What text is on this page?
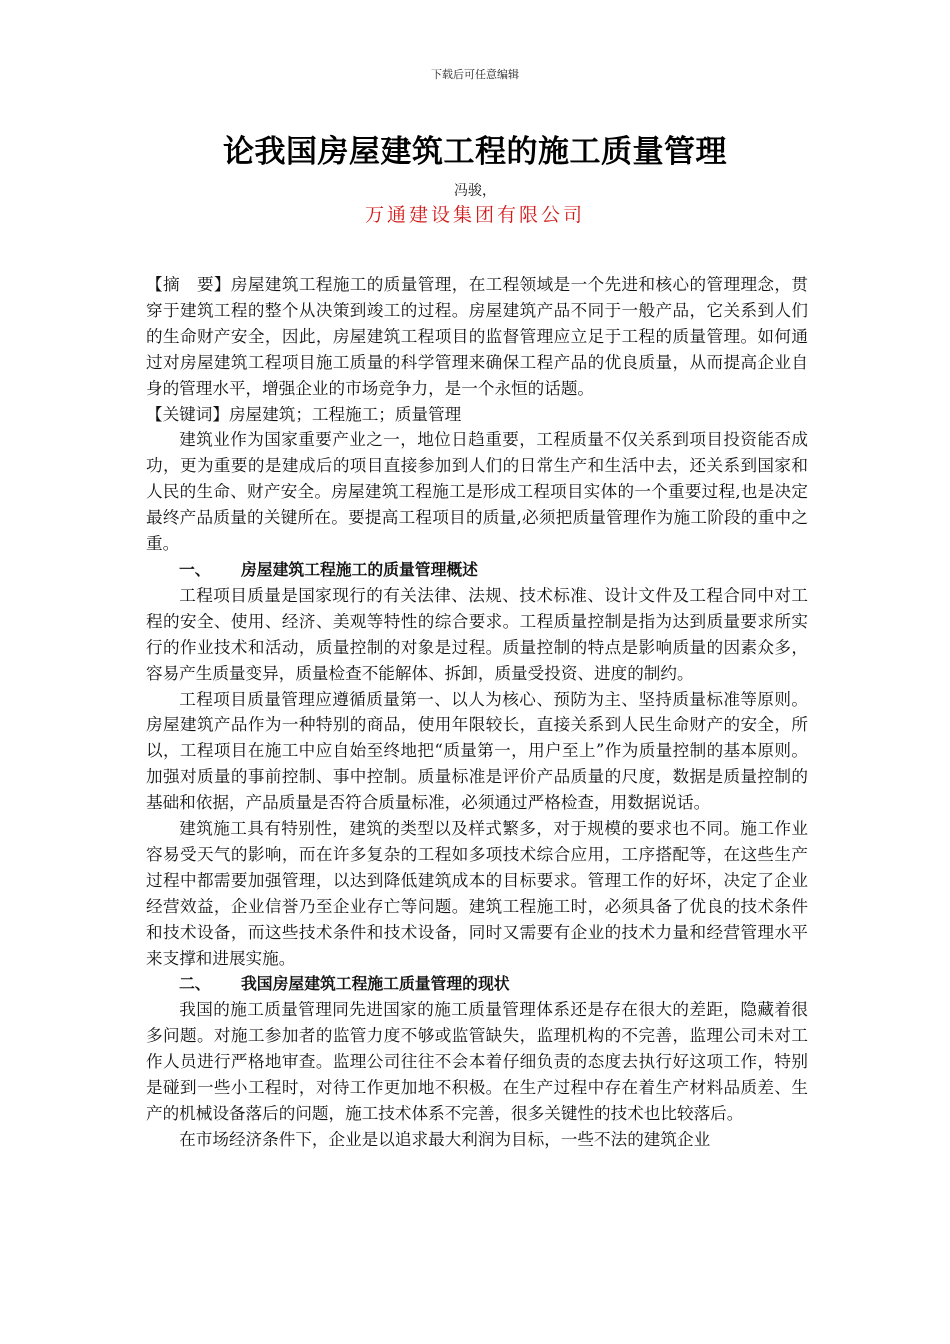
下载后可任意编辑
论我国房屋建筑工程的施工质量管理
冯骏，
万通建设集团有限公司

【摘　要】房屋建筑工程施工的质量管理，在工程领域是一个先进和核心的管理理念，贯穿于建筑工程的整个从决策到竣工的过程。房屋建筑产品不同于一般产品，它关系到人们的生命财产安全，因此，房屋建筑工程项目的监督管理应立足于工程的质量管理。如何通过对房屋建筑工程项目施工质量的科学管理来确保工程产品的优良质量，从而提高企业自身的管理水平，增强企业的市场竞争力，是一个永恒的话题。

【关键词】房屋建筑；工程施工；质量管理

建筑业作为国家重要产业之一，地位日趋重要，工程质量不仅关系到项目投资能否成功，更为重要的是建成后的项目直接参加到人们的日常生产和生活中去，还关系到国家和人民的生命、财产安全。房屋建筑工程施工是形成工程项目实体的一个重要过程,也是决定最终产品质量的关键所在。要提高工程项目的质量,必须把质量管理作为施工阶段的重中之重。

一、 房屋建筑工程施工的质量管理概述

工程项目质量是国家现行的有关法律、法规、技术标准、设计文件及工程合同中对工程的安全、使用、经济、美观等特性的综合要求。工程质量控制是指为达到质量要求所实行的作业技术和活动，质量控制的对象是过程。质量控制的特点是影响质量的因素众多，容易产生质量变异，质量检查不能解体、拆卸，质量受投资、进度的制约。

工程项目质量管理应遵循质量第一、以人为核心、预防为主、坚持质量标准等原则。房屋建筑产品作为一种特别的商品，使用年限较长，直接关系到人民生命财产的安全，所以，工程项目在施工中应自始至终地把“质量第一，用户至上”作为质量控制的基本原则。加强对质量的事前控制、事中控制。质量标准是评价产品质量的尺度，数据是质量控制的基础和依据，产品质量是否符合质量标准，必须通过严格检查，用数据说话。

建筑施工具有特别性，建筑的类型以及样式繁多，对于规模的要求也不同。施工作业容易受天气的影响，而在许多复杂的工程如多项技术综合应用，工序搭配等，在这些生产过程中都需要加强管理，以达到降低建筑成本的目标要求。管理工作的好坏，决定了企业经营效益，企业信誉乃至企业存亡等问题。建筑工程施工时，必须具备了优良的技术条件和技术设备，而这些技术条件和技术设备，同时又需要有企业的技术力量和经营管理水平来支撑和进展实施。

二、 我国房屋建筑工程施工质量管理的现状

我国的施工质量管理同先进国家的施工质量管理体系还是存在很大的差距，隐藏着很多问题。对施工参加者的监管力度不够或监管缺失，监理机构的不完善，监理公司未对工作人员进行严格地审查。监理公司往往不会本着仔细负责的态度去执行好这项工作，特别是碰到一些小工程时，对待工作更加地不积极。在生产过程中存在着生产材料品质差、生产的机械设备落后的问题，施工技术体系不完善，很多关键性的技术也比较落后。

在市场经济条件下，企业是以追求最大利润为目标，一些不法的建筑企业
